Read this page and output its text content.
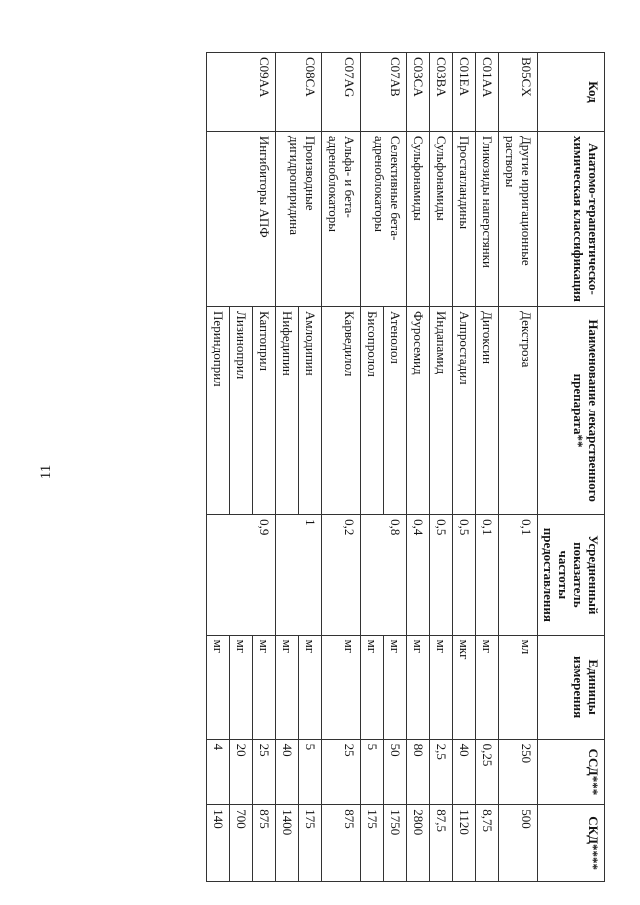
11
Код	Анатомо-терапевтическо-химическая классификация	Наименование лекарственного препарата**	Усредненный показатель частоты предоставления	Единицы измерения	ССД***	СКД****
B05CX	Другие ирригационные растворы	Декстроза	0,1	мл	250	500
C01AA	Гликозиды наперстянки	Дигоксин	0,1	мг	0,25	8,75
C01EA	Простагландины	Алпростадил	0,5	мкг	40	1120
C03BA	Сульфонамиды	Индапамид	0,5	мг	2,5	87,5
C03CA	Сульфонамиды	Фуросемид	0,4	мг	80	2800
C07AB	Селективные бета-адреноблокаторы	Атенолол	0,8	мг	50	1750
		Бисопролол		мг	5	175
C07AG	Альфа- и бета-адреноблокаторы	Карведилол	0,2	мг	25	875
C08CA	Производные дигидропиридина	Амлодипин	1	мг	5	175
		Нифедипин		мг	40	1400
C09AA	Ингибиторы АПФ	Каптоприл	0,9	мг	25	875
		Лизиноприл		мг	20	700
		Периндоприл		мг	4	140
